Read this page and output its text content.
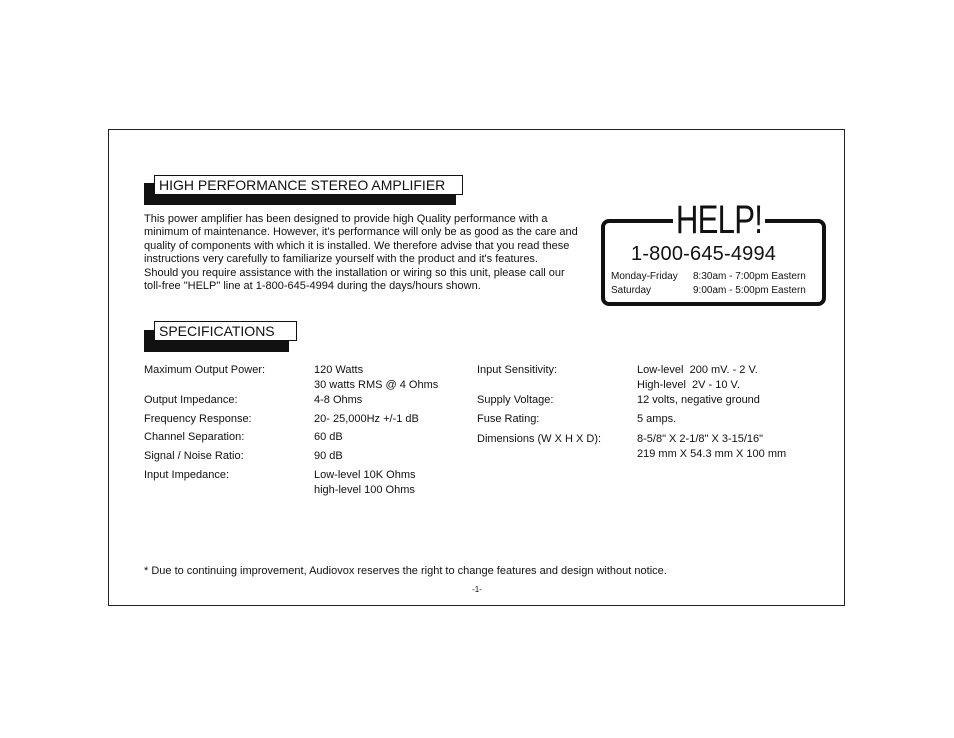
HIGH PERFORMANCE STEREO AMPLIFIER

This power amplifier has been designed to provide high Quality performance with a minimum of maintenance. However, it's performance will only be as good as the care and quality of components with which it is installed. We therefore advise that you read these instructions very carefully to familiarize yourself with the product and it's features.

Should you require assistance with the installation or wiring so this unit, please call our toll-free "HELP" line at 1-800-645-4994 during the days/hours shown.

HELP!
1-800-645-4994
Monday-Friday 8:30am - 7:00pm Eastern
Saturday	9:00am - 5:00pm Eastern
SPECIFICATIONS
Maximum Output Power:	120 Watts
30 watts RMS @ 4 Ohms
Output Impedance:	4-8 Ohms
Frequency Response:	20- 25,000Hz +/-1 dB
Channel Separation:	60 dB
Signal / Noise Ratio:	90 dB
Input Impedance:	Low-level 10K Ohms
high-level 100 Ohms
Input Sensitivity:	Low-level  200 mV. - 2 V.
High-level  2V - 10 V.
Supply Voltage:	12 volts, negative ground
Fuse Rating:	5 amps.
Dimensions (W X H X D):	8-5/8" X 2-1/8" X 3-15/16"
219 mm X 54.3 mm X 100 mm
* Due to continuing improvement, Audiovox reserves the right to change features and design without notice.
-1-
